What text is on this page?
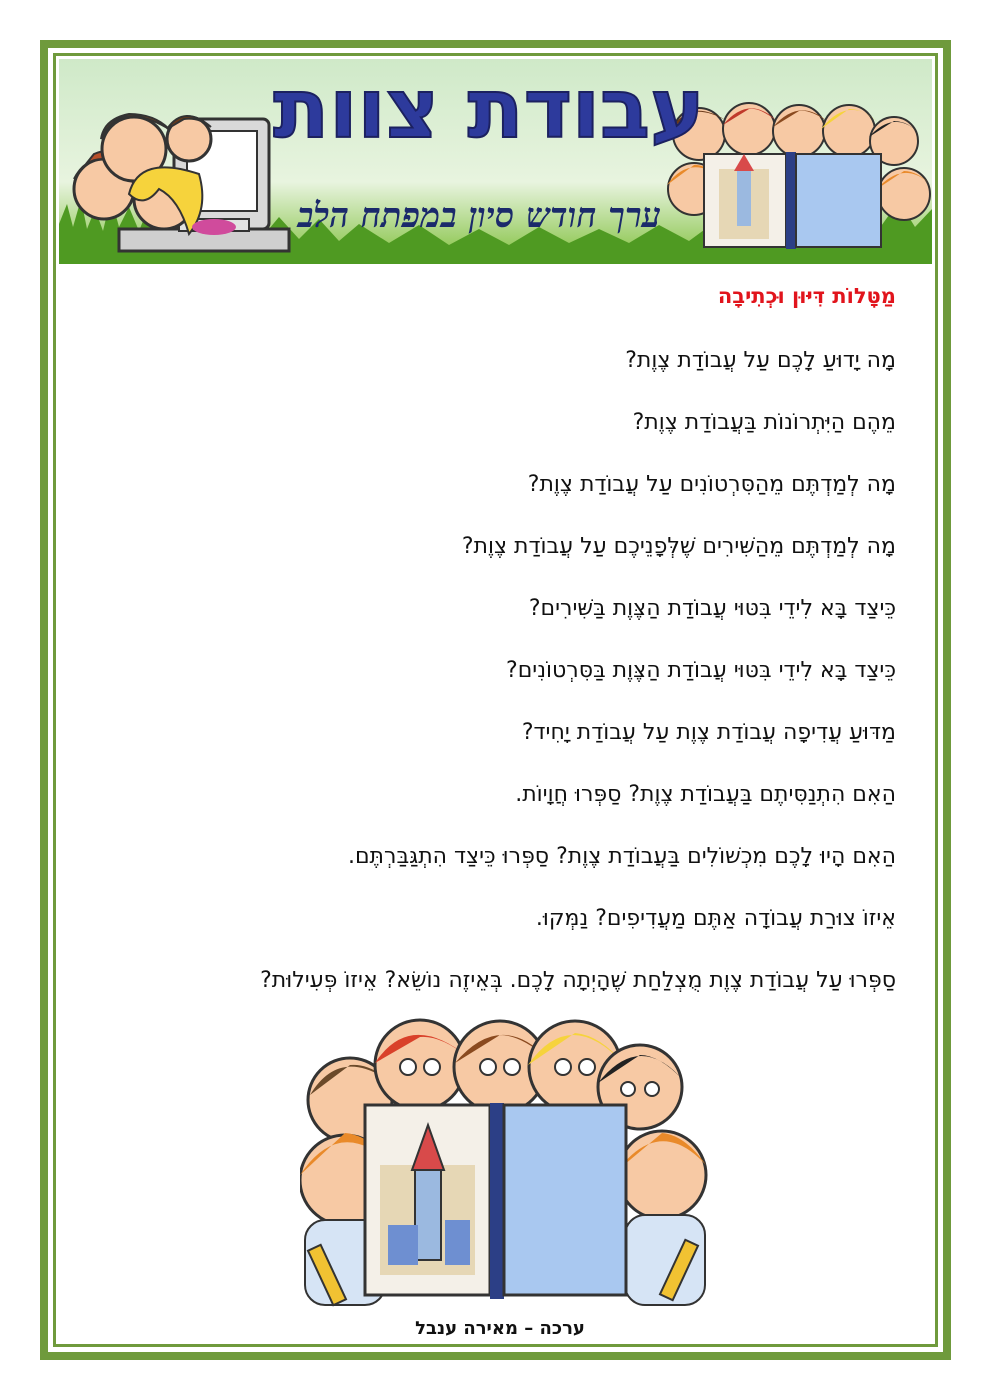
עבודת צוות
ערך חודש סיון במפתח הלב
מַטָּלוֹת דִּיּוּן וּכְתִיבָה
מָה יָדוּעַ לָכֶם עַל עֲבוֹדַת צֶוֶת?
מֵהֶם הַיִּתְרוֹנוֹת בַּעֲבוֹדַת צֶוֶת?
מָה לְמַדְתֶּם מֵהַסִּרְטוֹנִים עַל עֲבוֹדַת צֶוֶת?
מָה לְמַדְתֶּם מֵהַשִּׁירִים שֶׁלְּפָנֵיכֶם עַל עֲבוֹדַת צֶוֶת?
כֵּיצַד בָּא לִידֵי בִּטּוּי עֲבוֹדַת הַצֶּוֶת בַּשִּׁירִים?
כֵּיצַד בָּא לִידֵי בִּטּוּי עֲבוֹדַת הַצֶּוֶת בַּסִּרְטוֹנִים?
מַדּוּעַ עֲדִיפָה עֲבוֹדַת צֶוֶת עַל עֲבוֹדַת יָחִיד?
הַאִם הִתְנַסִּיתֶם בַּעֲבוֹדַת צֶוֶת? סַפְּרוּ חֲוָיוֹת.
הַאִם הָיוּ לָכֶם מִכְשׁוֹלִים בַּעֲבוֹדַת צֶוֶת? סַפְּרוּ כֵּיצַד הִתְגַּבַּרְתֶּם.
אֵיזוֹ צוּרַת עֲבוֹדָה אַתֶּם מַעֲדִיפִים? נַמְּקוּ.
סַפְּרוּ עַל עֲבוֹדַת צֶוֶת מֻצְלַחַת שֶׁהָיְתָה לָכֶם. בְּאֵיזֶה נוֹשֵׂא? אֵיזוֹ פְּעִילוּת?
ערכה – מאירה ענבל
